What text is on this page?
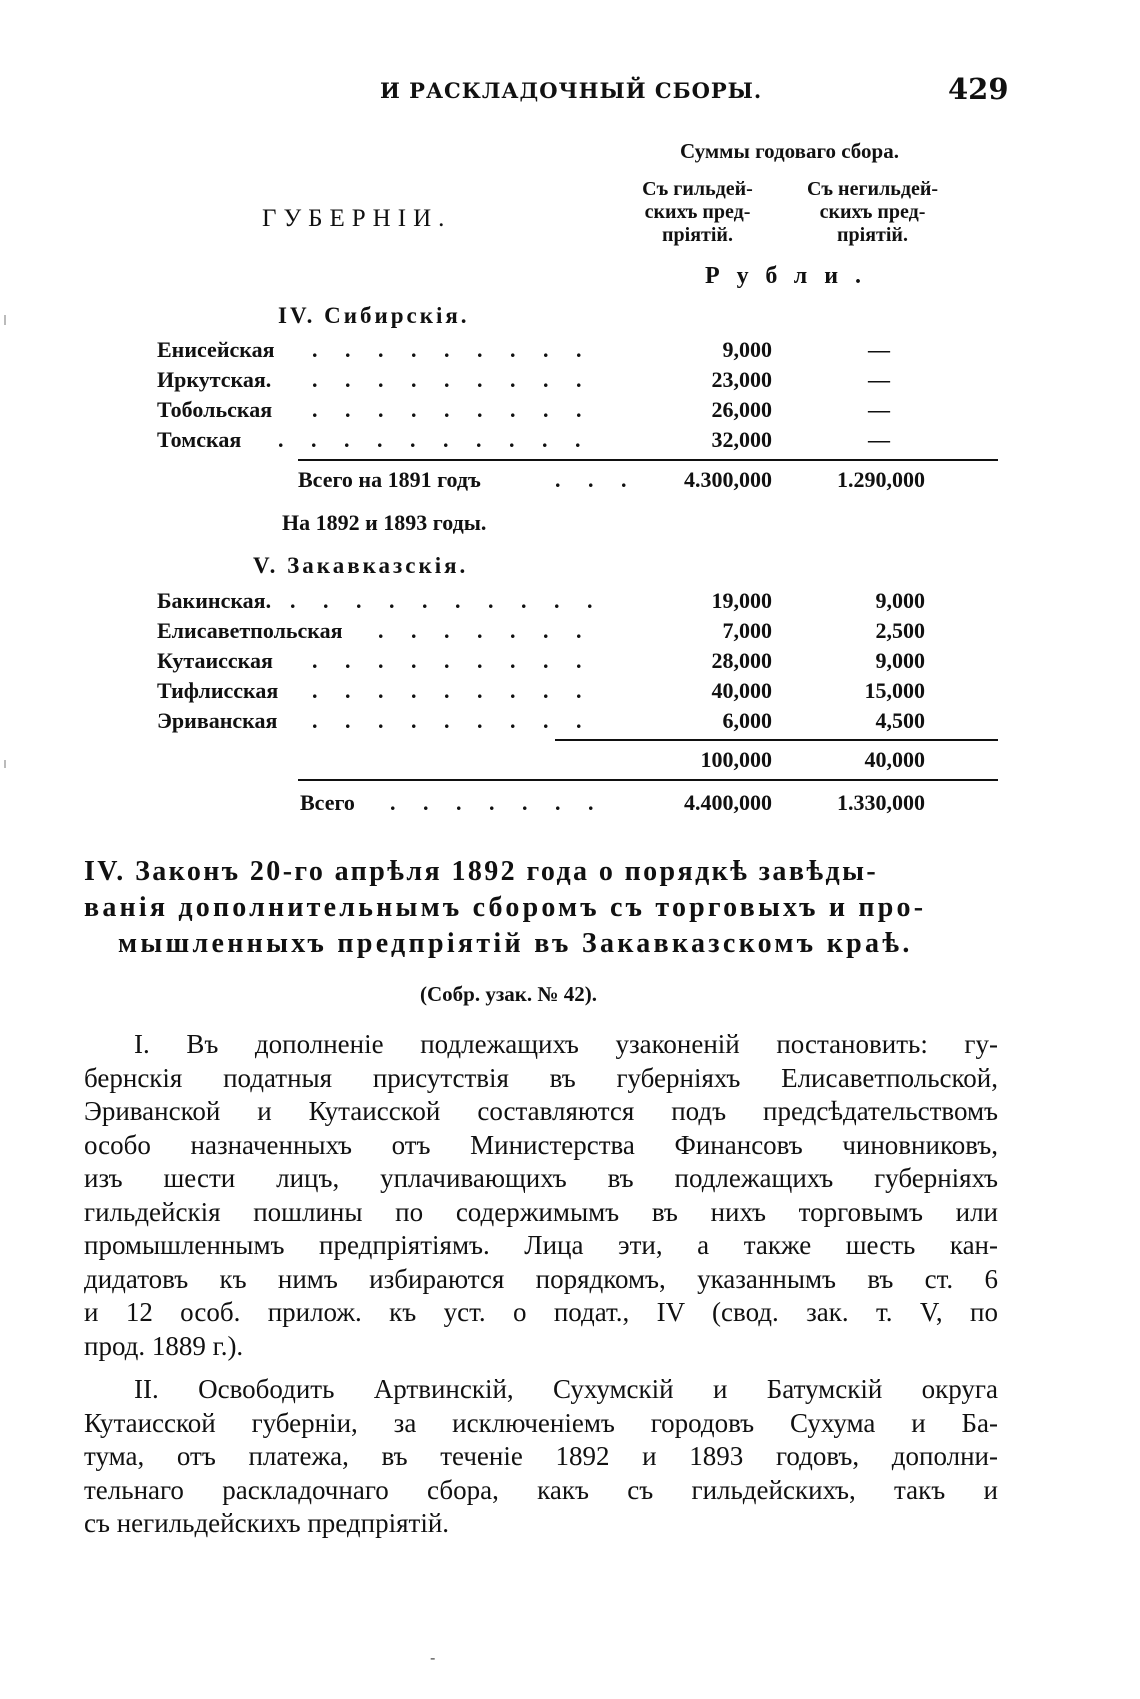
И РАСКЛАДОЧНЫЙ СБОРЫ.	429
Суммы годоваго сбора.
Съ гильдей-
скихъ пред-
пріятій.
Съ негильдей-
скихъ пред-
пріятій.
ГУБЕРНІИ.
Рубли.
IV. Сибирскія.
Енисейская . . . . . . . . .	9,000	—
Иркутская. . . . . . . . . .	23,000	—
Тобольская . . . . . . . . .	26,000	—
Томская . . . . . . . . . .	32,000	—
Всего на 1891 годъ	. . .	4.300,000	1.290,000
На 1892 и 1893 годы.
V. Закавказскія.
Бакинская. . . . . . . . . . .	19,000	9,000
Елисаветпольская . . . . . . .	7,000	2,500
Кутаисская . . . . . . . . .	28,000	9,000
Тифлисская . . . . . . . . .	40,000	15,000
Эриванская . . . . . . . . .	6,000	4,500
100,000	40,000
Всего . . . . . . .	4.400,000	1.330,000
IV. Законъ 20-го апрѣля 1892 года о порядкѣ завѣды-
ванія дополнительнымъ сборомъ съ торговыхъ и про-
мышленныхъ предпріятій въ Закавказскомъ краѣ.
(Собр. узак. № 42).
I. Въ дополненіе подлежащихъ узаконеній постановить: гу-
бернскія податныя присутствія въ губерніяхъ Елисаветпольской,
Эриванской и Кутаисской составляются подъ предсѣдательствомъ
особо назначенныхъ отъ Министерства Финансовъ чиновниковъ,
изъ шести лицъ, уплачивающихъ въ подлежащихъ губерніяхъ
гильдейскія пошлины по содержимымъ въ нихъ торговымъ или
промышленнымъ предпріятіямъ. Лица эти, а также шесть кан-
дидатовъ къ нимъ избираются порядкомъ, указаннымъ въ ст. 6
и 12 особ. прилож. къ уст. о подат., IV (свод. зак. т. V, по
прод. 1889 г.).
II. Освободить Артвинскій, Сухумскій и Батумскій округа
Кутаисской губерніи, за исключеніемъ городовъ Сухума и Ба-
тума, отъ платежа, въ теченіе 1892 и 1893 годовъ, дополни-
тельнаго раскладочнаго сбора, какъ съ гильдейскихъ, такъ и
съ негильдейскихъ предпріятій.
-
